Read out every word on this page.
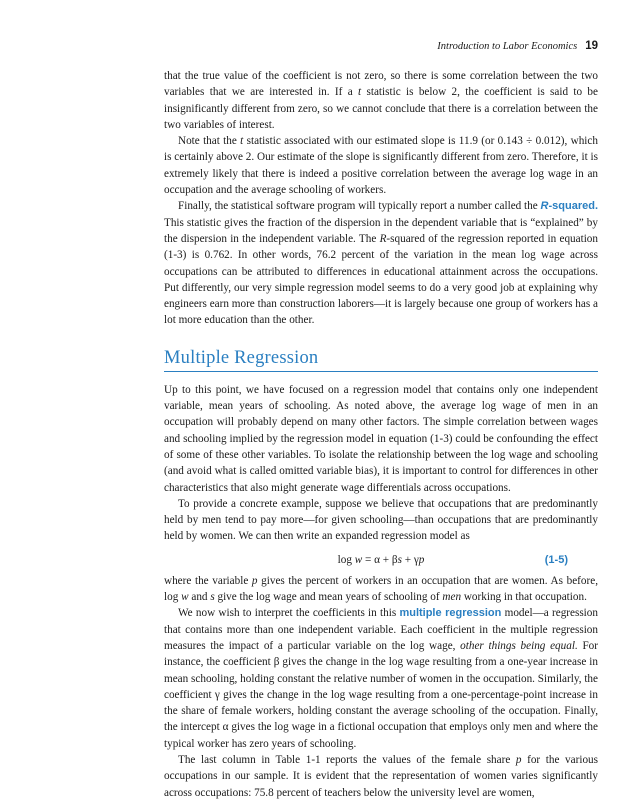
Introduction to Labor Economics 19

that the true value of the coefficient is not zero, so there is some correlation between the two variables that we are interested in. If a t statistic is below 2, the coefficient is said to be insignificantly different from zero, so we cannot conclude that there is a correlation between the two variables of interest.

Note that the t statistic associated with our estimated slope is 11.9 (or 0.143 ÷ 0.012), which is certainly above 2. Our estimate of the slope is significantly different from zero. Therefore, it is extremely likely that there is indeed a positive correlation between the average log wage in an occupation and the average schooling of workers.

Finally, the statistical software program will typically report a number called the R-squared. This statistic gives the fraction of the dispersion in the dependent variable that is “explained” by the dispersion in the independent variable. The R-squared of the regression reported in equation (1-3) is 0.762. In other words, 76.2 percent of the variation in the mean log wage across occupations can be attributed to differences in educational attainment across the occupations. Put differently, our very simple regression model seems to do a very good job at explaining why engineers earn more than construction laborers—it is largely because one group of workers has a lot more education than the other.

Multiple Regression

Up to this point, we have focused on a regression model that contains only one independent variable, mean years of schooling. As noted above, the average log wage of men in an occupation will probably depend on many other factors. The simple correlation between wages and schooling implied by the regression model in equation (1-3) could be confounding the effect of some of these other variables. To isolate the relationship between the log wage and schooling (and avoid what is called omitted variable bias), it is important to control for differences in other characteristics that also might generate wage differentials across occupations.

To provide a concrete example, suppose we believe that occupations that are predominantly held by men tend to pay more—for given schooling—than occupations that are predominantly held by women. We can then write an expanded regression model as

log w = α + βs + γp	(1-5)

where the variable p gives the percent of workers in an occupation that are women. As before, log w and s give the log wage and mean years of schooling of men working in that occupation.

We now wish to interpret the coefficients in this multiple regression model—a regression that contains more than one independent variable. Each coefficient in the multiple regression measures the impact of a particular variable on the log wage, other things being equal. For instance, the coefficient β gives the change in the log wage resulting from a one-year increase in mean schooling, holding constant the relative number of women in the occupation. Similarly, the coefficient γ gives the change in the log wage resulting from a one-percentage-point increase in the share of female workers, holding constant the average schooling of the occupation. Finally, the intercept α gives the log wage in a fictional occupation that employs only men and where the typical worker has zero years of schooling.

The last column in Table 1-1 reports the values of the female share p for the various occupations in our sample. It is evident that the representation of women varies significantly across occupations: 75.8 percent of teachers below the university level are women,
